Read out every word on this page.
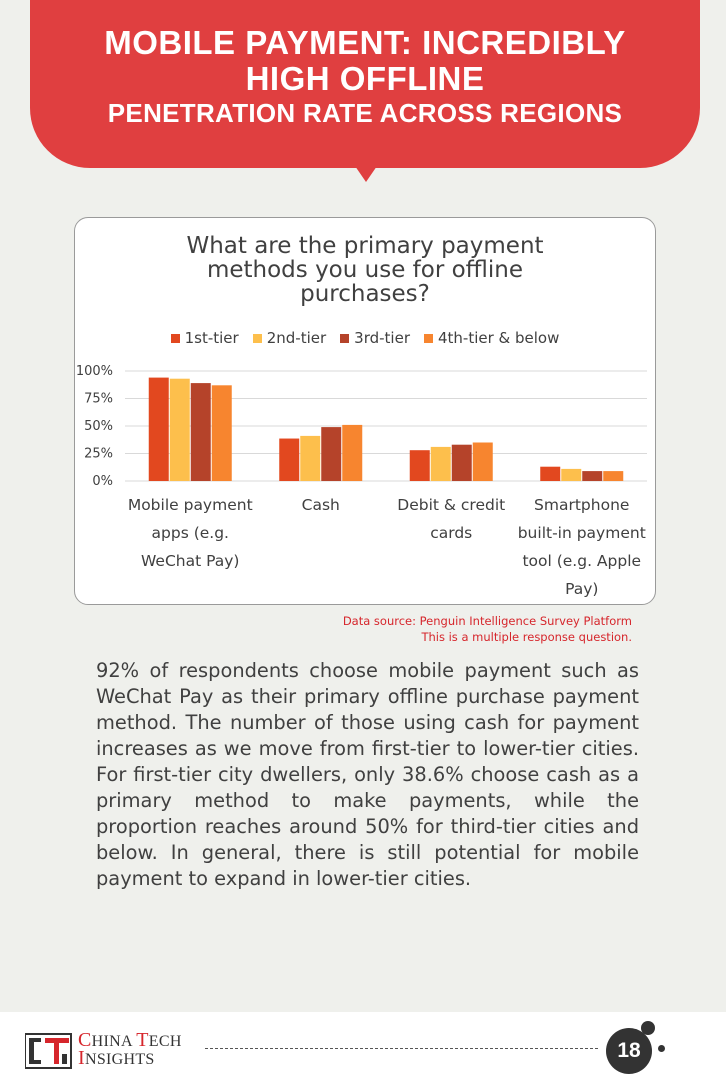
MOBILE PAYMENT: INCREDIBLY
HIGH OFFLINE
PENETRATION RATE ACROSS REGIONS
What are the primary payment
methods you use for offline
purchases?
1st-tier 2nd-tier 3rd-tier 4th-tier & below
0%
25%
50%
75%
100%
Mobile payment
apps (e.g.
WeChat Pay)
Cash	Debit & credit
cards
Smartphone
built-in payment
tool (e.g. Apple
Pay)
Data source: Penguin Intelligence Survey Platform
This is a multiple response question.
92% of respondents choose mobile payment such as WeChat Pay as their primary offline purchase payment method. The number of those using cash for payment increases as we move from first-tier to lower-tier cities. For first-tier city dwellers, only 38.6% choose cash as a primary method to make payments, while the proportion reaches around 50% for third-tier cities and below. In general, there is still potential for mobile payment to expand in lower-tier cities.
CHINA TECH
INSIGHTS	18
